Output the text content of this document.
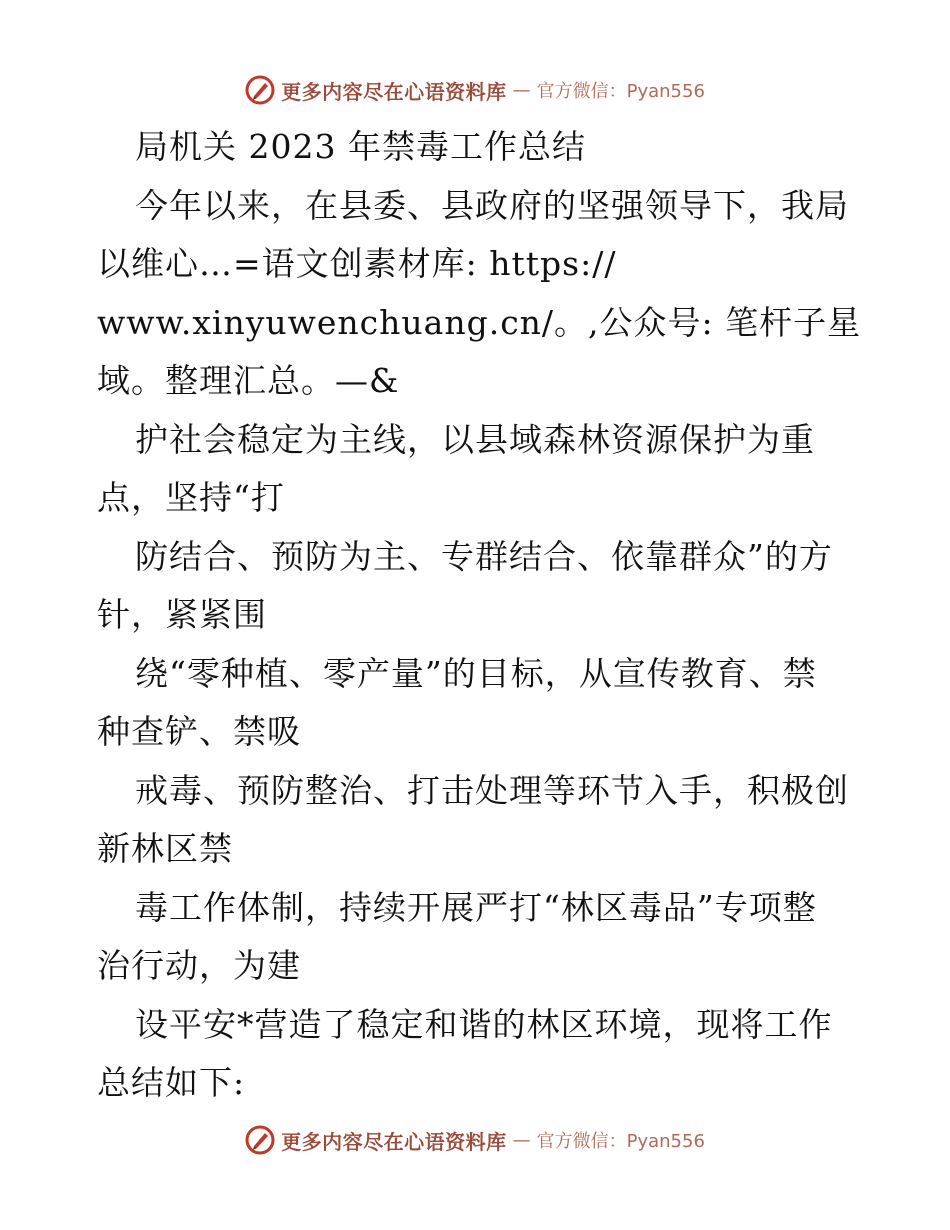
更多内容尽在心语资料库 — 官方微信：Pyan556
局机关 2023 年禁毒工作总结
今年以来，在县委、县政府的坚强领导下，我局
以维心…=语文创素材库: https://
www.xinyuwenchuang.cn/。,公众号: 笔杆子星
域。整理汇总。—&
护社会稳定为主线，以县域森林资源保护为重
点，坚持“打
防结合、预防为主、专群结合、依靠群众”的方
针，紧紧围
绕“零种植、零产量”的目标，从宣传教育、禁
种查铲、禁吸
戒毒、预防整治、打击处理等环节入手，积极创
新林区禁
毒工作体制，持续开展严打“林区毒品”专项整
治行动，为建
设平安*营造了稳定和谐的林区环境，现将工作
总结如下:
更多内容尽在心语资料库 — 官方微信：Pyan556
